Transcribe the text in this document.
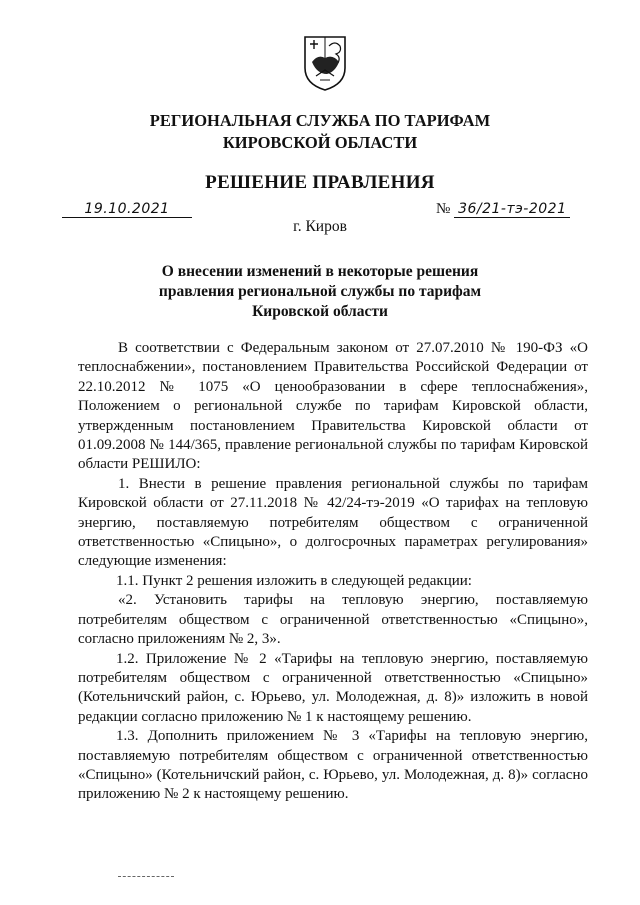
РЕГИОНАЛЬНАЯ СЛУЖБА ПО ТАРИФАМ
КИРОВСКОЙ ОБЛАСТИ
РЕШЕНИЕ ПРАВЛЕНИЯ
19.10.2021	№ 36/21-тэ-2021
г. Киров
О внесении изменений в некоторые решения
правления региональной службы по тарифам
Кировской области

В соответствии с Федеральным законом от 27.07.2010 № 190-ФЗ «О теплоснабжении», постановлением Правительства Российской Федерации от 22.10.2012 № 1075 «О ценообразовании в сфере теплоснабжения», Положением о региональной службе по тарифам Кировской области, утвержденным постановлением Правительства Кировской области от 01.09.2008 № 144/365, правление региональной службы по тарифам Кировской области РЕШИЛО:

1. Внести в решение правления региональной службы по тарифам Кировской области от 27.11.2018 № 42/24-тэ-2019 «О тарифах на тепловую энергию, поставляемую потребителям обществом с ограниченной ответственностью «Спицыно», о долгосрочных параметрах регулирования» следующие изменения:

1.1. Пункт 2 решения изложить в следующей редакции:

«2. Установить тарифы на тепловую энергию, поставляемую потребителям обществом с ограниченной ответственностью «Спицыно», согласно приложениям № 2, 3».

1.2. Приложение № 2 «Тарифы на тепловую энергию, поставляемую потребителям обществом с ограниченной ответственностью «Спицыно» (Котельничский район, с. Юрьево, ул. Молодежная, д. 8)» изложить в новой редакции согласно приложению № 1 к настоящему решению.

1.3. Дополнить приложением № 3 «Тарифы на тепловую энергию, поставляемую потребителям обществом с ограниченной ответственностью «Спицыно» (Котельничский район, с. Юрьево, ул. Молодежная, д. 8)» согласно приложению № 2 к настоящему решению.
